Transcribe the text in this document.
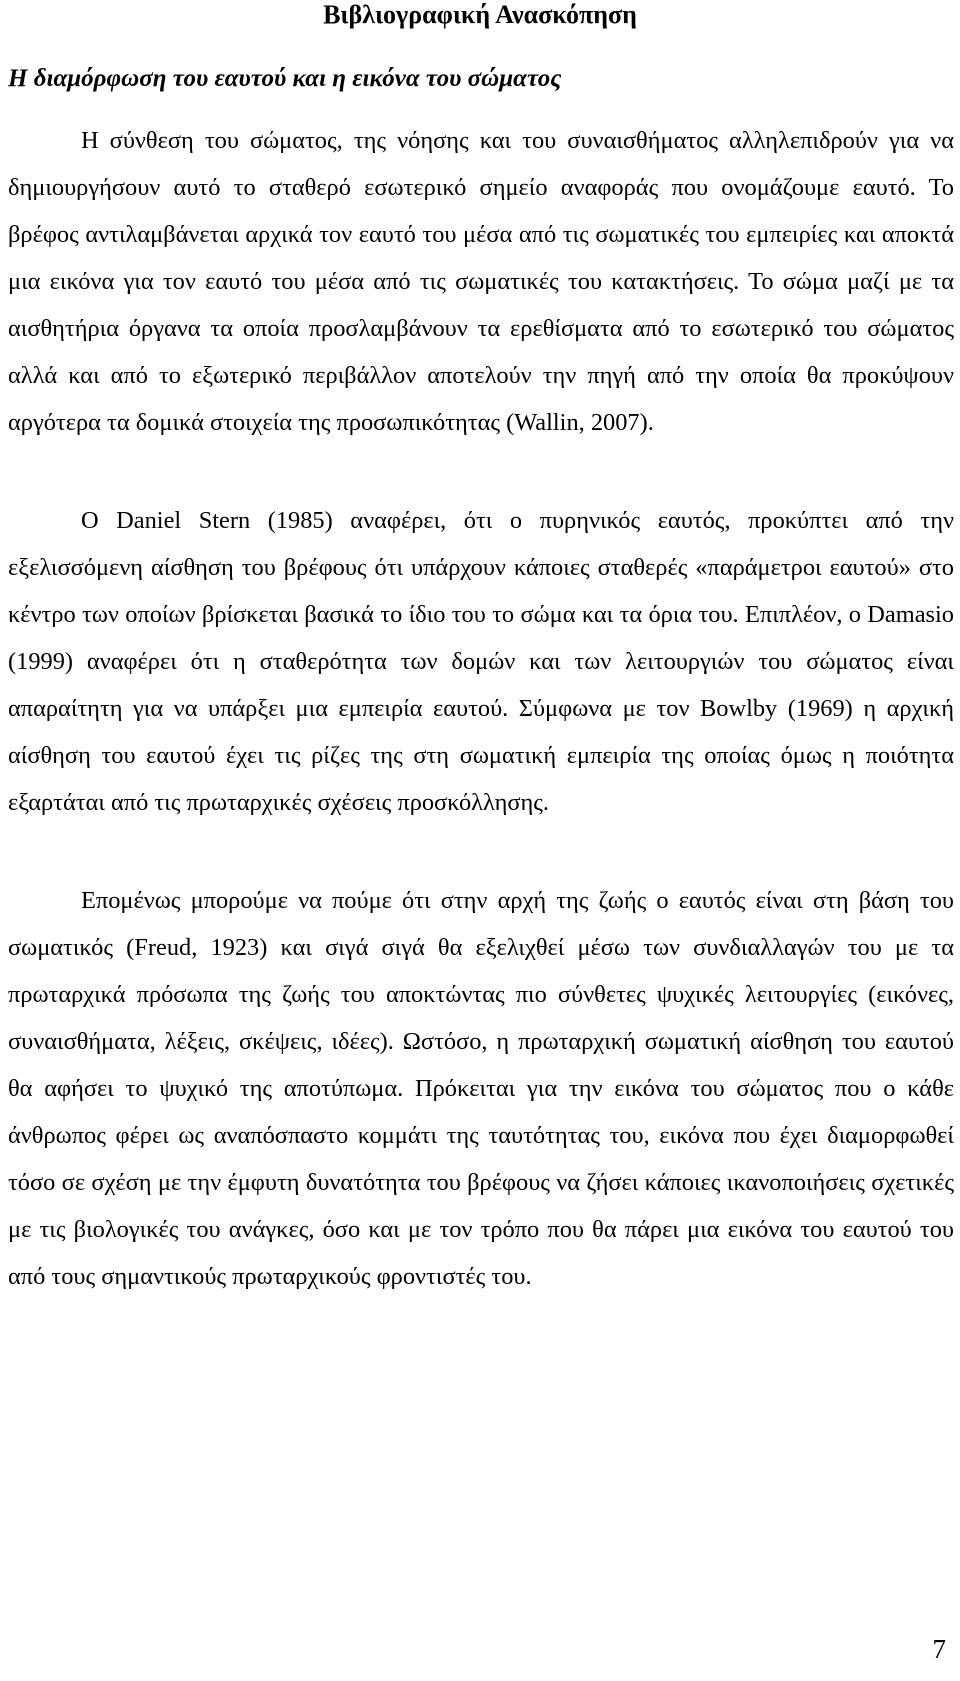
Βιβλιογραφική Ανασκόπηση
Η διαμόρφωση του εαυτού και η εικόνα του σώματος

Η σύνθεση του σώματος, της νόησης και του συναισθήματος αλληλεπιδρούν για να δημιουργήσουν αυτό το σταθερό εσωτερικό σημείο αναφοράς που ονομάζουμε εαυτό. Το βρέφος αντιλαμβάνεται αρχικά τον εαυτό του μέσα από τις σωματικές του εμπειρίες και αποκτά μια εικόνα για τον εαυτό του μέσα από τις σωματικές του κατακτήσεις. Το σώμα μαζί με τα αισθητήρια όργανα τα οποία προσλαμβάνουν τα ερεθίσματα από το εσωτερικό του σώματος αλλά και από το εξωτερικό περιβάλλον αποτελούν την πηγή από την οποία θα προκύψουν αργότερα τα δομικά στοιχεία της προσωπικότητας (Wallin, 2007).

Ο Daniel Stern (1985) αναφέρει, ότι ο πυρηνικός εαυτός, προκύπτει από την εξελισσόμενη αίσθηση του βρέφους ότι υπάρχουν κάποιες σταθερές «παράμετροι εαυτού» στο κέντρο των οποίων βρίσκεται βασικά το ίδιο του το σώμα και τα όρια του. Επιπλέον, ο Damasio (1999) αναφέρει ότι η σταθερότητα των δομών και των λειτουργιών του σώματος είναι απαραίτητη για να υπάρξει μια εμπειρία εαυτού. Σύμφωνα με τον Bowlby (1969) η αρχική αίσθηση του εαυτού έχει τις ρίζες της στη σωματική εμπειρία της οποίας όμως η ποιότητα εξαρτάται από τις πρωταρχικές σχέσεις προσκόλλησης.

Επομένως μπορούμε να πούμε ότι στην αρχή της ζωής ο εαυτός είναι στη βάση του σωματικός (Freud, 1923) και σιγά σιγά θα εξελιχθεί μέσω των συνδιαλλαγών του με τα πρωταρχικά πρόσωπα της ζωής του αποκτώντας πιο σύνθετες ψυχικές λειτουργίες (εικόνες, συναισθήματα, λέξεις, σκέψεις, ιδέες). Ωστόσο, η πρωταρχική σωματική αίσθηση του εαυτού θα αφήσει το ψυχικό της αποτύπωμα. Πρόκειται για την εικόνα του σώματος που ο κάθε άνθρωπος φέρει ως αναπόσπαστο κομμάτι της ταυτότητας του, εικόνα που έχει διαμορφωθεί τόσο σε σχέση με την έμφυτη δυνατότητα του βρέφους να ζήσει κάποιες ικανοποιήσεις σχετικές με τις βιολογικές του ανάγκες, όσο και με τον τρόπο που θα πάρει μια εικόνα του εαυτού του από τους σημαντικούς πρωταρχικούς φροντιστές του.

7
